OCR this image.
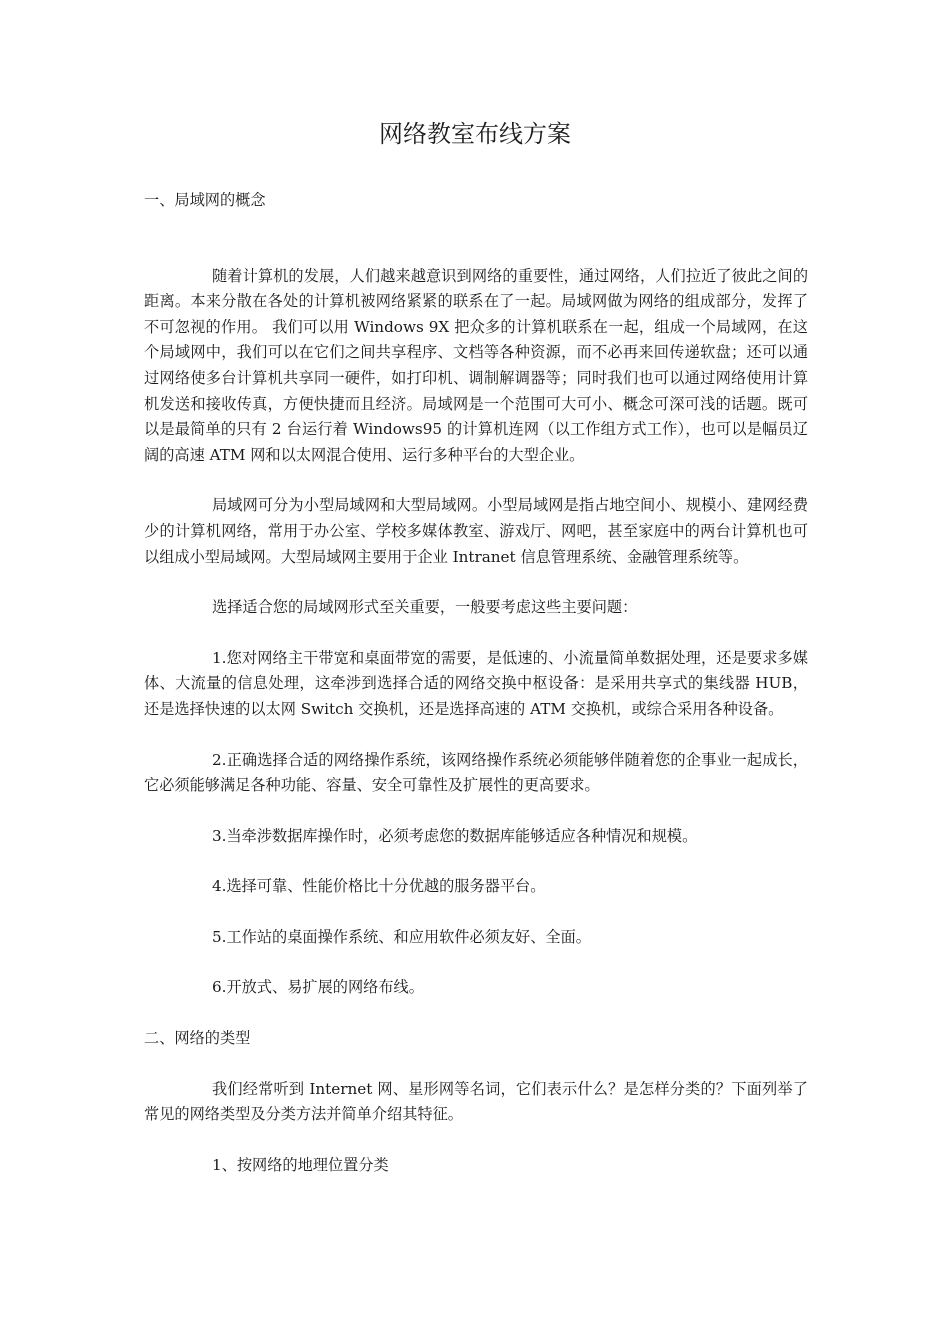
网络教室布线方案

一、局域网的概念

随着计算机的发展，人们越来越意识到网络的重要性，通过网络，人们拉近了彼此之间的距离。本来分散在各处的计算机被网络紧紧的联系在了一起。局域网做为网络的组成部分，发挥了不可忽视的作用。 我们可以用 Windows 9X 把众多的计算机联系在一起，组成一个局域网，在这个局域网中，我们可以在它们之间共享程序、文档等各种资源，而不必再来回传递软盘；还可以通过网络使多台计算机共享同一硬件，如打印机、调制解调器等；同时我们也可以通过网络使用计算机发送和接收传真，方便快捷而且经济。局域网是一个范围可大可小、概念可深可浅的话题。既可以是最简单的只有 2 台运行着 Windows95 的计算机连网（以工作组方式工作），也可以是幅员辽阔的高速 ATM 网和以太网混合使用、运行多种平台的大型企业。

局域网可分为小型局域网和大型局域网。小型局域网是指占地空间小、规模小、建网经费少的计算机网络，常用于办公室、学校多媒体教室、游戏厅、网吧，甚至家庭中的两台计算机也可以组成小型局域网。大型局域网主要用于企业 Intranet 信息管理系统、金融管理系统等。

选择适合您的局域网形式至关重要，一般要考虑这些主要问题：

1.您对网络主干带宽和桌面带宽的需要，是低速的、小流量简单数据处理，还是要求多媒体、大流量的信息处理，这牵涉到选择合适的网络交换中枢设备：是采用共享式的集线器 HUB，还是选择快速的以太网 Switch 交换机，还是选择高速的 ATM 交换机，或综合采用各种设备。

2.正确选择合适的网络操作系统，该网络操作系统必须能够伴随着您的企事业一起成长，它必须能够满足各种功能、容量、安全可靠性及扩展性的更高要求。

3.当牵涉数据库操作时，必须考虑您的数据库能够适应各种情况和规模。

4.选择可靠、性能价格比十分优越的服务器平台。

5.工作站的桌面操作系统、和应用软件必须友好、全面。

6.开放式、易扩展的网络布线。

二、网络的类型

我们经常听到 Internet 网、星形网等名词，它们表示什么？是怎样分类的？下面列举了常见的网络类型及分类方法并简单介绍其特征。

1、按网络的地理位置分类
